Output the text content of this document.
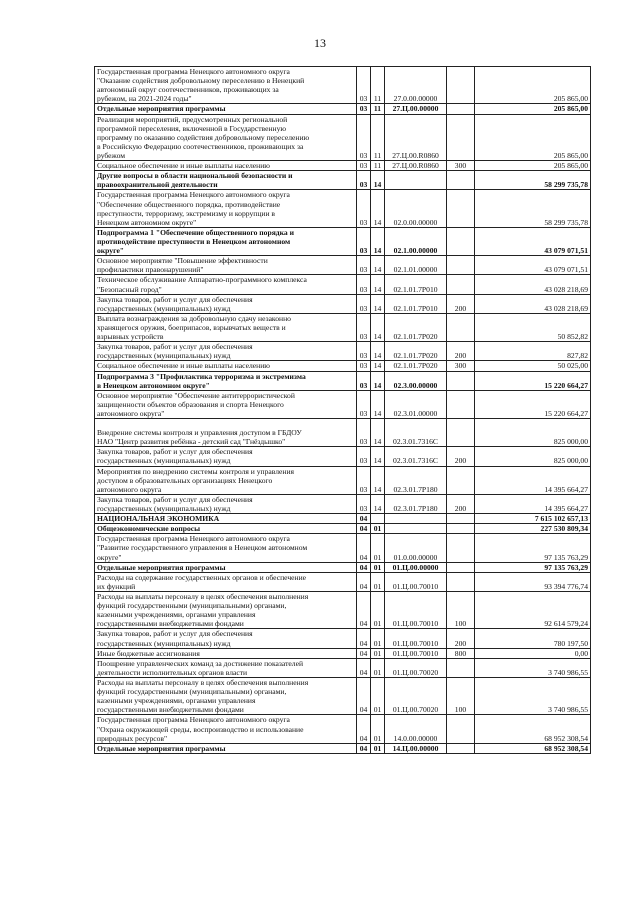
13
Государственная программа Ненецкого автономного округа
"Оказание содействия добровольному переселению в Ненецкий
автономный округ соотечественников, проживающих за
рубежом, на 2021-2024 годы"	03	11	27.0.00.00000		205 865,00
Отдельные мероприятия программы	03	11	27.Ц.00.00000		205 865,00
Реализация мероприятий, предусмотренных региональной
программой переселения, включенной в Государственную
программу по оказанию содействия добровольному переселению
в Российскую Федерацию соотечественников, проживающих за
рубежом	03	11	27.Ц.00.R0860		205 865,00
Социальное обеспечение и иные выплаты населению	03	11	27.Ц.00.R0860	300	205 865,00
Другие вопросы в области национальной безопасности и
правоохранительной деятельности	03	14			58 299 735,78
Государственная программа Ненецкого автономного округа
"Обеспечение общественного порядка, противодействие
преступности, терроризму, экстремизму и коррупции в
Ненецком автономном округе"	03	14	02.0.00.00000		58 299 735,78
Подпрограмма 1 "Обеспечение общественного порядка и
противодействие преступности в Ненецком автономном
округе"	03	14	02.1.00.00000		43 079 071,51
Основное мероприятие "Повышение эффективности
профилактики правонарушений"	03	14	02.1.01.00000		43 079 071,51
Техническое обслуживание Аппаратно-программного комплекса
"Безопасный город"	03	14	02.1.01.7Р010		43 028 218,69
Закупка товаров, работ и услуг для обеспечения
государственных (муниципальных) нужд	03	14	02.1.01.7Р010	200	43 028 218,69
Выплата вознаграждения за добровольную сдачу незаконно
хранящегося оружия, боеприпасов, взрывчатых веществ и
взрывных устройств	03	14	02.1.01.7Р020		50 852,82
Закупка товаров, работ и услуг для обеспечения
государственных (муниципальных) нужд	03	14	02.1.01.7Р020	200	827,82
Социальное обеспечение и иные выплаты населению	03	14	02.1.01.7Р020	300	50 025,00
Подпрограмма 3 "Профилактика терроризма и экстремизма
в Ненецком автономном округе"	03	14	02.3.00.00000		15 220 664,27
Основное мероприятие "Обеспечение антитеррористической
защищенности объектов образования и спорта Ненецкого
автономного округа"	03	14	02.3.01.00000		15 220 664,27

Внедрение системы контроля и управления доступом в ГБДОУ
НАО "Центр развития ребёнка - детский сад "Гнёздышко"	03	14	02.3.01.7316С		825 000,00
Закупка товаров, работ и услуг для обеспечения
государственных (муниципальных) нужд	03	14	02.3.01.7316С	200	825 000,00
Мероприятия по внедрению системы контроля и управления
доступом в образовательных организациях Ненецкого
автономного округа	03	14	02.3.01.7Р180		14 395 664,27
Закупка товаров, работ и услуг для обеспечения
государственных (муниципальных) нужд	03	14	02.3.01.7Р180	200	14 395 664,27
НАЦИОНАЛЬНАЯ ЭКОНОМИКА	04				7 615 102 657,13
Общеэкономические вопросы	04	01			227 530 809,34
Государственная программа Ненецкого автономного округа
"Развитие государственного управления в Ненецком автономном
округе"	04	01	01.0.00.00000		97 135 763,29
Отдельные мероприятия программы	04	01	01.Ц.00.00000		97 135 763,29
Расходы на содержание государственных органов и обеспечение
их функций	04	01	01.Ц.00.70010		93 394 776,74
Расходы на выплаты персоналу в целях обеспечения выполнения
функций государственными (муниципальными) органами,
казенными учреждениями, органами управления
государственными внебюджетными фондами	04	01	01.Ц.00.70010	100	92 614 579,24
Закупка товаров, работ и услуг для обеспечения
государственных (муниципальных) нужд	04	01	01.Ц.00.70010	200	780 197,50
Иные бюджетные ассигнования	04	01	01.Ц.00.70010	800	0,00
Поощрение управленческих команд за достижение показателей
деятельности исполнительных органов власти	04	01	01.Ц.00.70020		3 740 986,55
Расходы на выплаты персоналу в целях обеспечения выполнения
функций государственными (муниципальными) органами,
казенными учреждениями, органами управления
государственными внебюджетными фондами	04	01	01.Ц.00.70020	100	3 740 986,55
Государственная программа Ненецкого автономного округа
"Охрана окружающей среды, воспроизводство и использование
природных ресурсов"	04	01	14.0.00.00000		68 952 308,54
Отдельные мероприятия программы	04	01	14.Ц.00.00000		68 952 308,54
